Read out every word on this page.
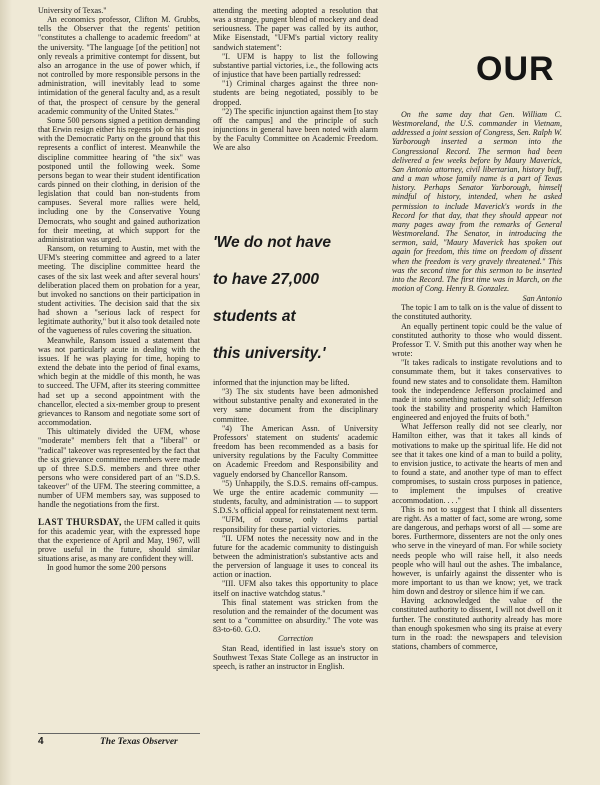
OUR

University of Texas."

An economics professor, Clifton M. Grubbs, tells the Observer that the regents' petition "constitutes a challenge to academic freedom" at the university. "The language [of the petition] not only reveals a primitive contempt for dissent, but also an arrogance in the use of power which, if not controlled by more responsible persons in the administration, will inevitably lead to some intimidation of the general faculty and, as a result of that, the prospect of censure by the general academic community of the United States."

Some 500 persons signed a petition demanding that Erwin resign either his regents job or his post with the Democratic Party on the ground that this represents a conflict of interest. Meanwhile the discipline committee hearing of "the six" was postponed until the following week. Some persons began to wear their student identification cards pinned on their clothing, in derision of the legislation that could ban non-students from campuses. Several more rallies were held, including one by the Conservative Young Democrats, who sought and gained authorization for their meeting, at which support for the administration was urged.

Ransom, on returning to Austin, met with the UFM's steering committee and agreed to a later meeting. The discipline committee heard the cases of the six last week and after several hours' deliberation placed them on probation for a year, but invoked no sanctions on their participation in student activities. The decision said that the six had shown a "serious lack of respect for legitimate authority," but it also took detailed note of the vagueness of rules covering the situation.

Meanwhile, Ransom issued a statement that was not particularly acute in dealing with the issues. If he was playing for time, hoping to extend the debate into the period of final exams, which begin at the middle of this month, he was to succeed. The UFM, after its steering committee had set up a second appointment with the chancellor, elected a six-member group to present grievances to Ransom and negotiate some sort of accommodation.

This ultimately divided the UFM, whose "moderate" members felt that a "liberal" or "radical" takeover was represented by the fact that the six grievance committee members were made up of three S.D.S. members and three other persons who were considered part of an "S.D.S. takeover" of the UFM. The steering committee, a number of UFM members say, was supposed to handle the negotiations from the first.

LAST THURSDAY, the UFM called it quits for this academic year, with the expressed hope that the experience of April and May, 1967, will prove useful in the future, should similar situations arise, as many are confident they will.

In good humor the some 200 persons

attending the meeting adopted a resolution that was a strange, pungent blend of mockery and dead seriousness. The paper was called by its author, Mike Eisenstadt, "UFM's partial victory reality sandwich statement":

"I. UFM is happy to list the following substantive partial victories, i.e., the following acts of injustice that have been partially redressed:

"1) Criminal charges against the three non-students are being negotiated, possibly to be dropped.

"2) The specific injunction against them [to stay off the campus] and the principle of such injunctions in general have been noted with alarm by the Faculty Committee on Academic Freedom. We are also

informed that the injunction may be lifted.

"3) The six students have been admonished without substantive penalty and exonerated in the very same document from the disciplinary committee.

"4) The American Assn. of University Professors' statement on students' academic freedom has been recommended as a basis for university regulations by the Faculty Committee on Academic Freedom and Responsibility and vaguely endorsed by Chancellor Ransom.

"5) Unhappily, the S.D.S. remains off-campus. We urge the entire academic community — students, faculty, and administration — to support S.D.S.'s official appeal for reinstatement next term.

"UFM, of course, only claims partial responsibility for these partial victories.

"II. UFM notes the necessity now and in the future for the academic community to distinguish between the administration's substantive acts and the perversion of language it uses to conceal its action or inaction.

"III. UFM also takes this opportunity to place itself on inactive watchdog status."

This final statement was stricken from the resolution and the remainder of the document was sent to a "committee on absurdity." The vote was 83-to-60. G.O.

Correction

Stan Read, identified in last issue's story on Southwest Texas State College as an instructor in speech, is rather an instructor in English.

'We do not have
to have 27,000
students at
this university.'

On the same day that Gen. William C. Westmoreland, the U.S. commander in Vietnam, addressed a joint session of Congress, Sen. Ralph W. Yarborough inserted a sermon into the Congressional Record. The sermon had been delivered a few weeks before by Maury Maverick, San Antonio attorney, civil libertarian, history buff, and a man whose family name is a part of Texas history. Perhaps Senator Yarborough, himself mindful of history, intended, when he asked permission to include Maverick's words in the Record for that day, that they should appear not many pages away from the remarks of General Westmoreland. The Senator, in introducing the sermon, said, "Maury Maverick has spoken out again for freedom, this time on freedom of dissent when the freedom is very gravely threatened." This was the second time for this sermon to be inserted into the Record. The first time was in March, on the motion of Cong. Henry B. Gonzalez.

San Antonio

The topic I am to talk on is the value of dissent to the constituted authority.

An equally pertinent topic could be the value of constituted authority to those who would dissent. Professor T. V. Smith put this another way when he wrote:

"It takes radicals to instigate revolutions and to consummate them, but it takes conservatives to found new states and to consolidate them. Hamilton took the independence Jefferson proclaimed and made it into something national and solid; Jefferson took the stability and prosperity which Hamilton engineered and enjoyed the fruits of both."

What Jefferson really did not see clearly, nor Hamilton either, was that it takes all kinds of motivations to make up the spiritual life. He did not see that it takes one kind of a man to build a polity, to envision justice, to activate the hearts of men and to found a state, and another type of man to effect compromises, to sustain cross purposes in patience, to implement the impulses of creative accommodation. . . ."

This is not to suggest that I think all dissenters are right. As a matter of fact, some are wrong, some are dangerous, and perhaps worst of all — some are bores. Furthermore, dissenters are not the only ones who serve in the vineyard of man. For while society needs people who will raise hell, it also needs people who will haul out the ashes. The imbalance, however, is unfairly against the dissenter who is more important to us than we know; yet, we track him down and destroy or silence him if we can.

Having acknowledged the value of the constituted authority to dissent, I will not dwell on it further. The constituted authority already has more than enough spokesmen who sing its praise at every turn in the road: the newspapers and television stations, chambers of commerce,

4	The Texas Observer
